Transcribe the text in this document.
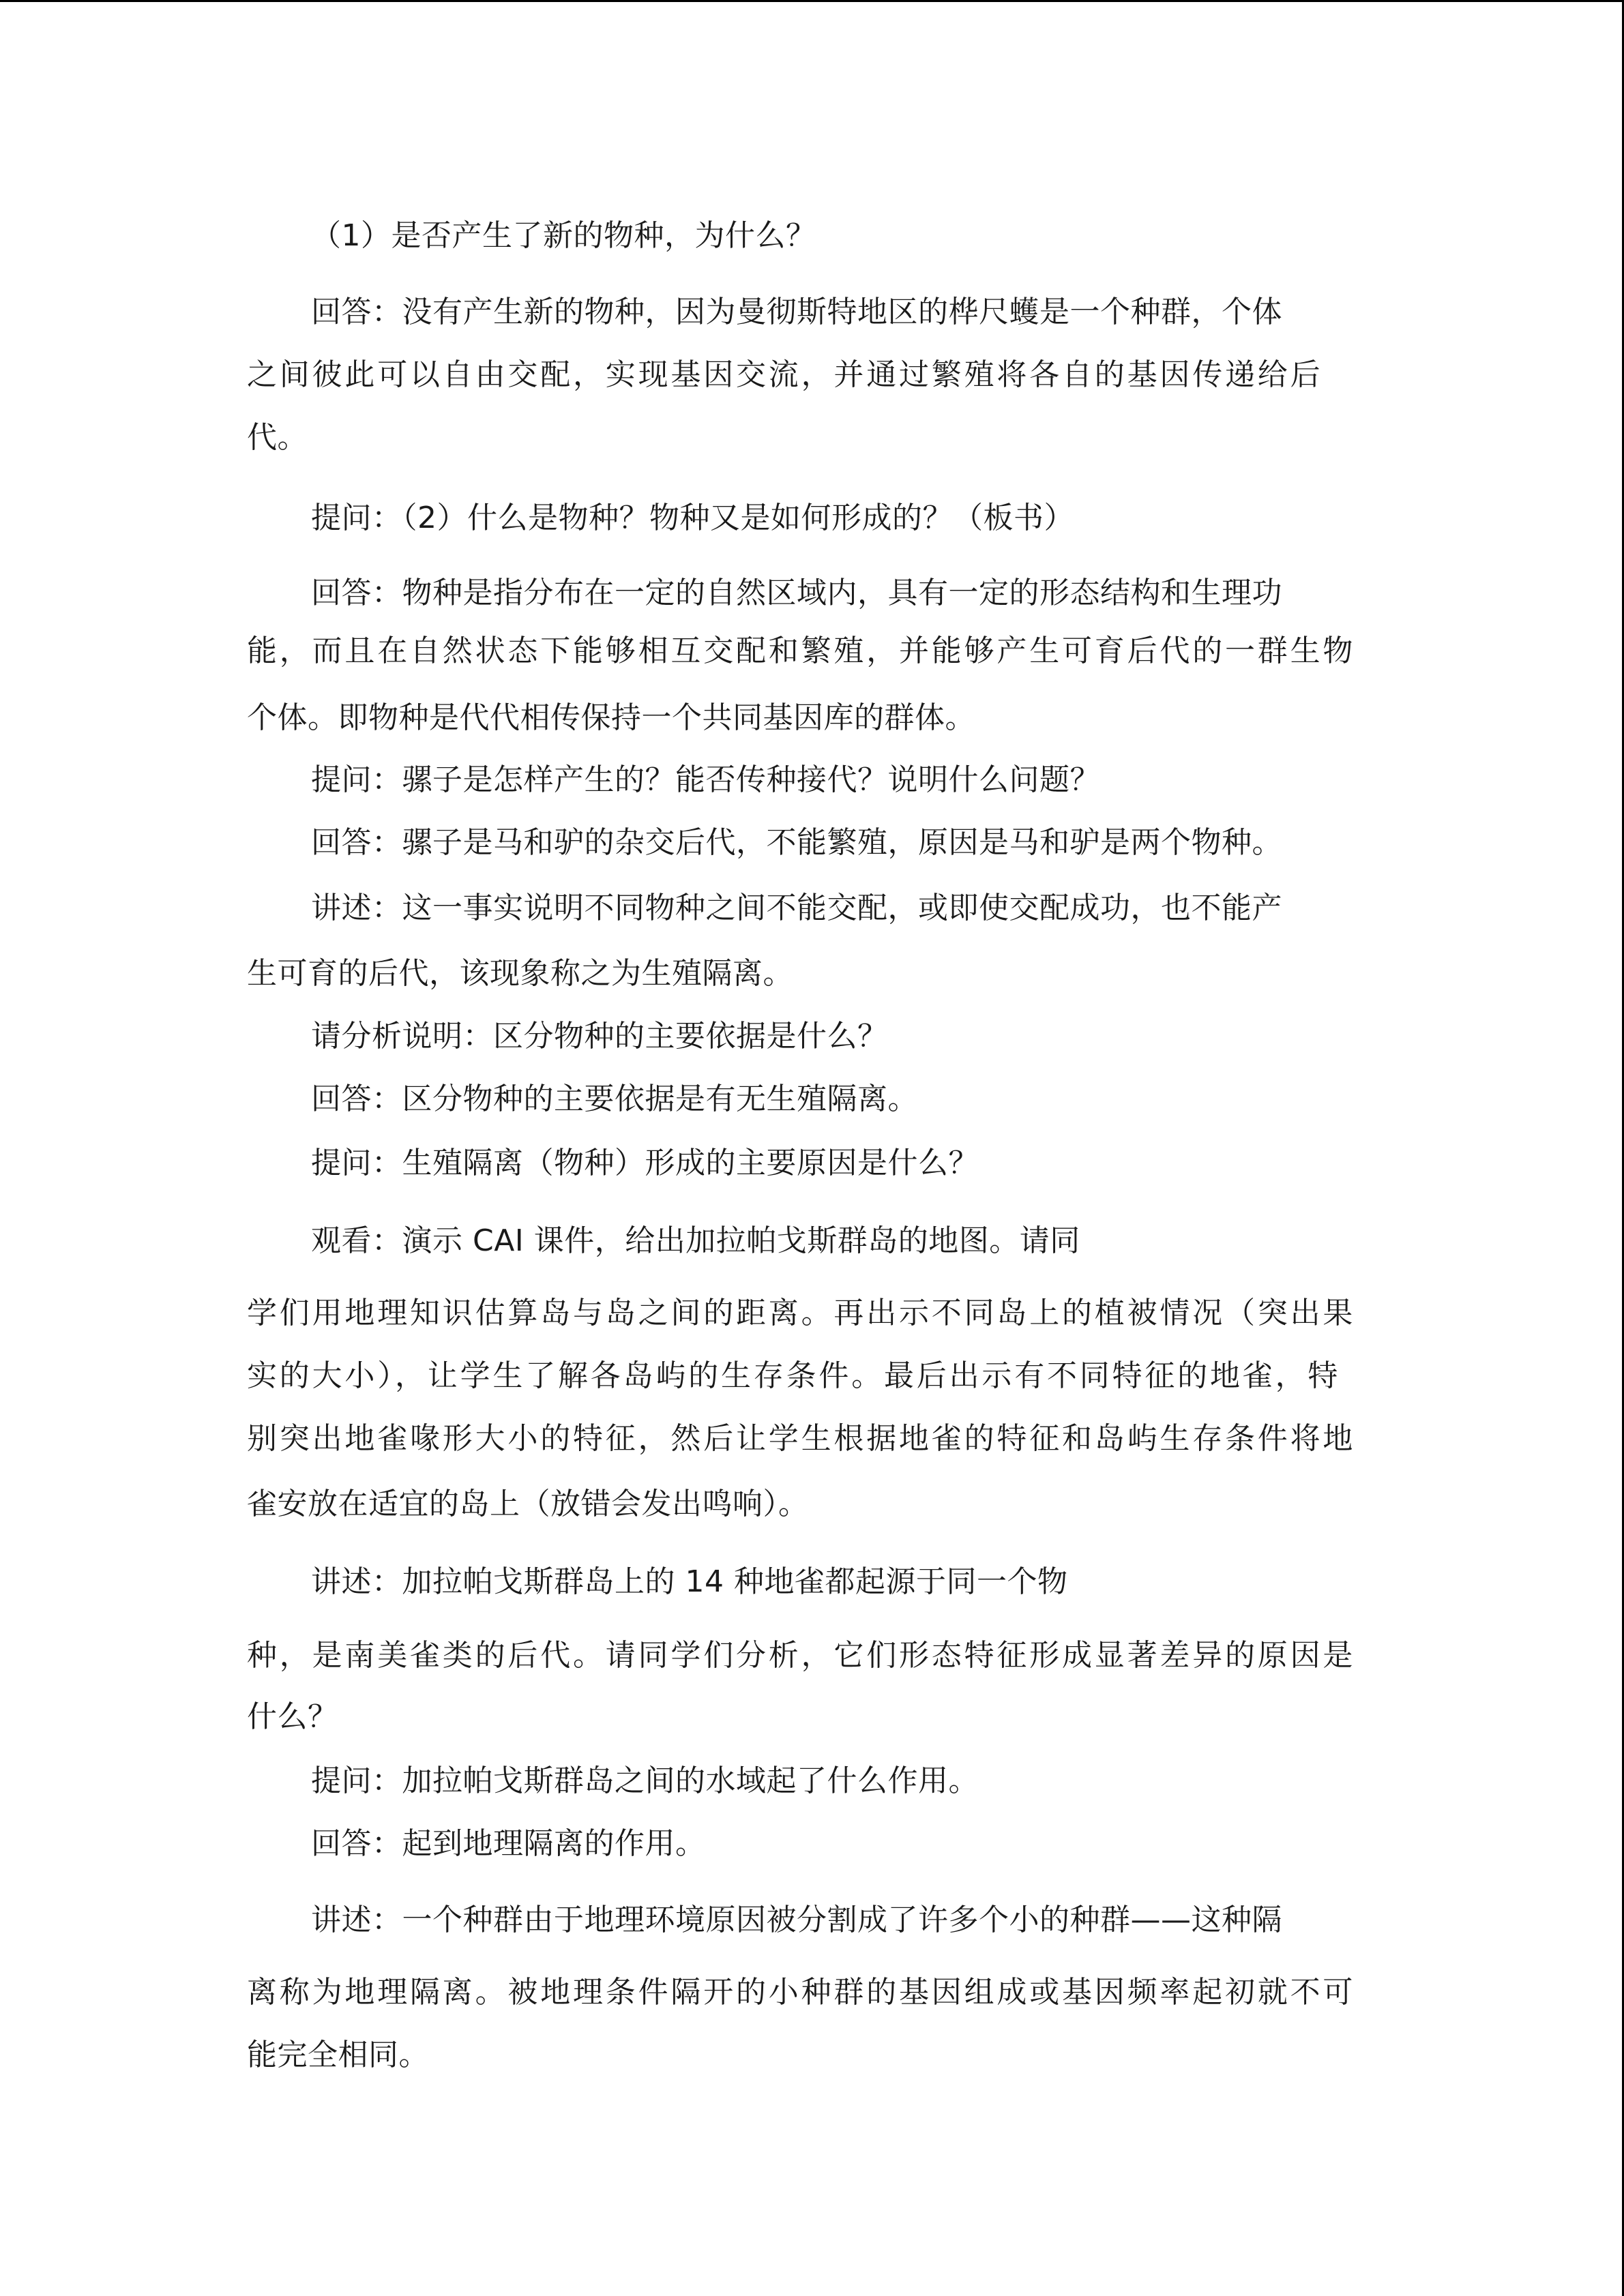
（1）是否产生了新的物种，为什么？

回答：没有产生新的物种，因为曼彻斯特地区的桦尺蠖是一个种群，个体

之间彼此可以自由交配，实现基因交流，并通过繁殖将各自的基因传递给后

代。

提问：（2）什么是物种？物种又是如何形成的？（板书）

回答：物种是指分布在一定的自然区域内，具有一定的形态结构和生理功

能，而且在自然状态下能够相互交配和繁殖，并能够产生可育后代的一群生物

个体。即物种是代代相传保持一个共同基因库的群体。

提问：骡子是怎样产生的？能否传种接代？说明什么问题？

回答：骡子是马和驴的杂交后代，不能繁殖，原因是马和驴是两个物种。

讲述：这一事实说明不同物种之间不能交配，或即使交配成功，也不能产

生可育的后代，该现象称之为生殖隔离。

请分析说明：区分物种的主要依据是什么？

回答：区分物种的主要依据是有无生殖隔离。

提问：生殖隔离（物种）形成的主要原因是什么？

观看：演示 CAI 课件，给出加拉帕戈斯群岛的地图。请同

学们用地理知识估算岛与岛之间的距离。再出示不同岛上的植被情况（突出果

实的大小），让学生了解各岛屿的生存条件。最后出示有不同特征的地雀，特

别突出地雀喙形大小的特征，然后让学生根据地雀的特征和岛屿生存条件将地

雀安放在适宜的岛上（放错会发出鸣响）。

讲述：加拉帕戈斯群岛上的 14 种地雀都起源于同一个物

种，是南美雀类的后代。请同学们分析，它们形态特征形成显著差异的原因是

什么？

提问：加拉帕戈斯群岛之间的水域起了什么作用。

回答：起到地理隔离的作用。

讲述：一个种群由于地理环境原因被分割成了许多个小的种群——这种隔

离称为地理隔离。被地理条件隔开的小种群的基因组成或基因频率起初就不可

能完全相同。
